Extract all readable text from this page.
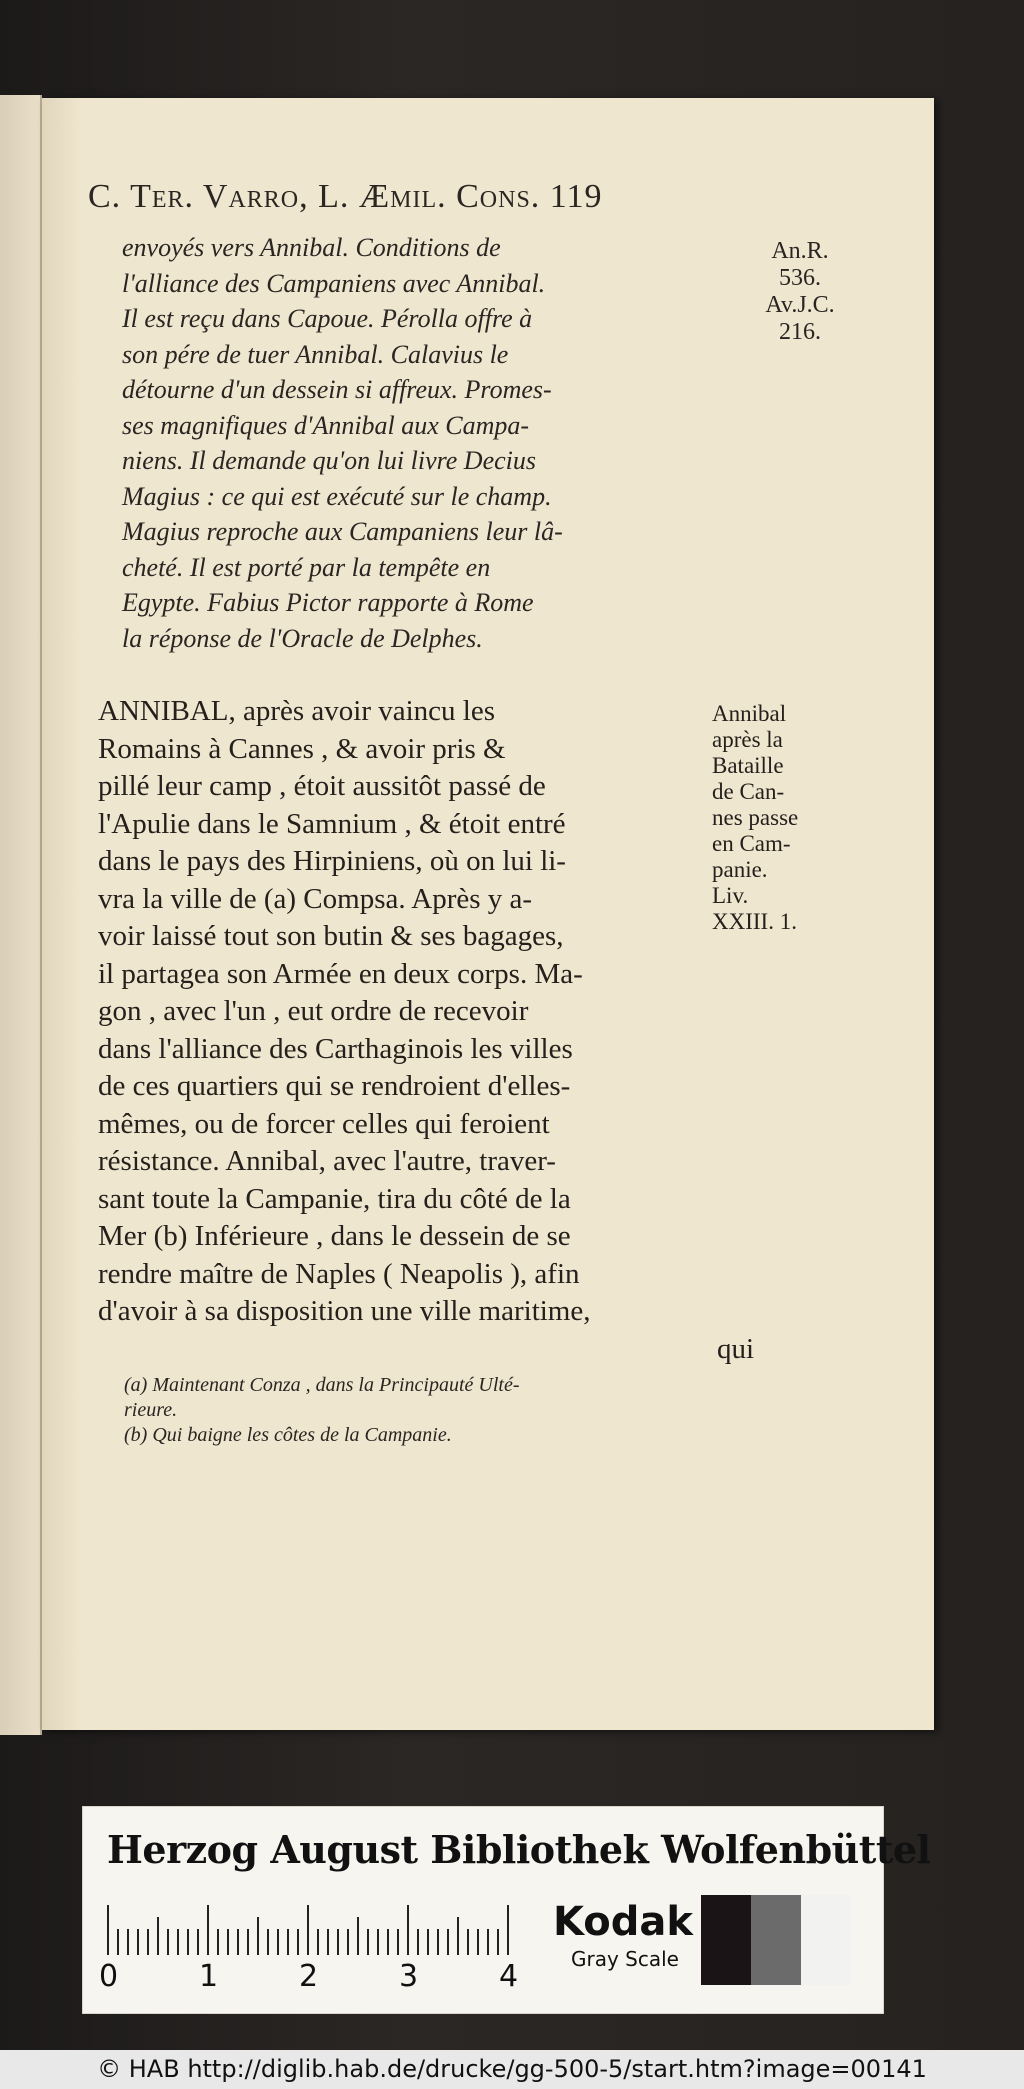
C. Ter. Varro, L. Æmil. Cons. 119
envoyés vers Annibal. Conditions de
l'alliance des Campaniens avec Annibal.
Il est reçu dans Capoue. Pérolla offre à
son pére de tuer Annibal. Calavius le
détourne d'un dessein si affreux. Promes-
ses magnifiques d'Annibal aux Campa-
niens. Il demande qu'on lui livre Decius
Magius : ce qui est exécuté sur le champ.
Magius reproche aux Campaniens leur lâ-
cheté. Il est porté par la tempête en
Egypte. Fabius Pictor rapporte à Rome
la réponse de l'Oracle de Delphes.
An.R.
536.
Av.J.C.
216.
ANNIBAL, après avoir vaincu les
Romains à Cannes , & avoir pris &
pillé leur camp , étoit aussitôt passé de
l'Apulie dans le Samnium , & étoit entré
dans le pays des Hirpiniens, où on lui li-
vra la ville de (a) Compsa. Après y a-
voir laissé tout son butin & ses bagages,
il partagea son Armée en deux corps. Ma-
gon , avec l'un , eut ordre de recevoir
dans l'alliance des Carthaginois les villes
de ces quartiers qui se rendroient d'elles-
mêmes, ou de forcer celles qui feroient
résistance. Annibal, avec l'autre, traver-
sant toute la Campanie, tira du côté de la
Mer (b) Inférieure , dans le dessein de se
rendre maître de Naples ( Neapolis ), afin
d'avoir à sa disposition une ville maritime,
qui
Annibal
après la
Bataille
de Can-
nes passe
en Cam-
panie.
Liv.
XXIII. 1.
(a) Maintenant Conza , dans la Principauté Ulté-
rieure.
(b) Qui baigne les côtes de la Campanie.
Herzog August Bibliothek Wolfenbüttel
0	1	2	3	4
Kodak
Gray Scale
© HAB http://diglib.hab.de/drucke/gg-500-5/start.htm?image=00141
